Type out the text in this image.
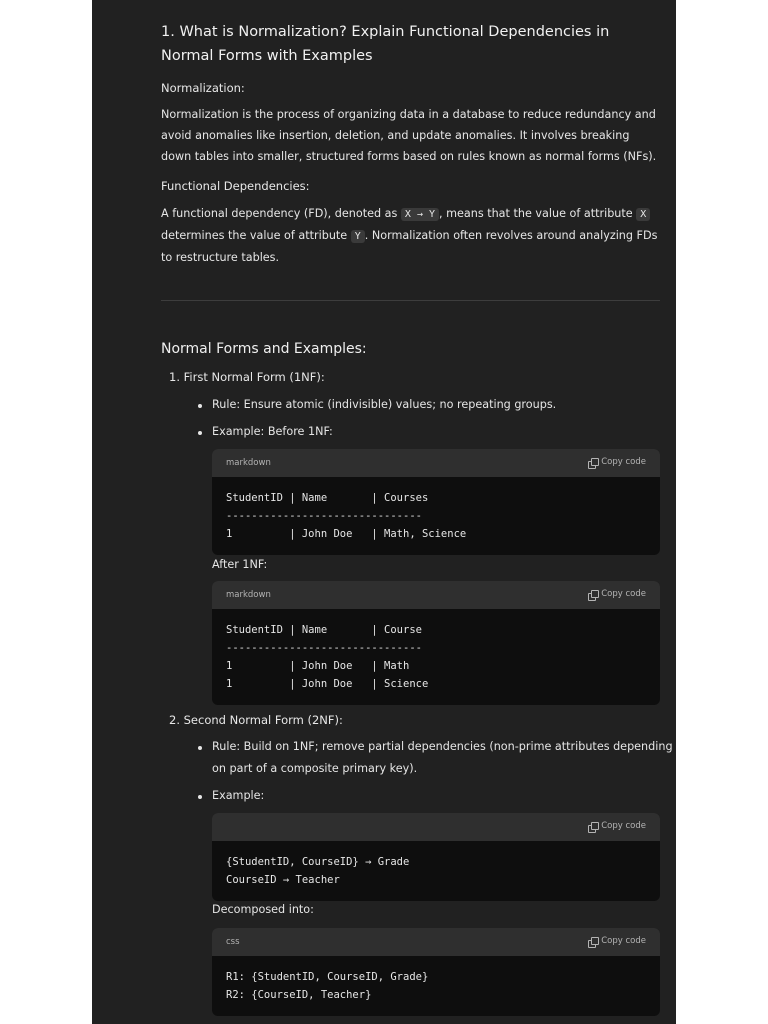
1. What is Normalization? Explain Functional Dependencies in Normal Forms with Examples
Normalization:
Normalization is the process of organizing data in a database to reduce redundancy and avoid anomalies like insertion, deletion, and update anomalies. It involves breaking down tables into smaller, structured forms based on rules known as normal forms (NFs).
Functional Dependencies:
A functional dependency (FD), denoted as X → Y , means that the value of attribute X
determines the value of attribute Y . Normalization often revolves around analyzing FDs to restructure tables.
Normal Forms and Examples:
1. First Normal Form (1NF):
Rule: Ensure atomic (indivisible) values; no repeating groups.
Example: Before 1NF:
markdown	Copy code
StudentID | Name       | Courses
-------------------------------
1         | John Doe   | Math, Science
After 1NF:
markdown	Copy code
StudentID | Name       | Course
-------------------------------
1         | John Doe   | Math
1         | John Doe   | Science
2. Second Normal Form (2NF):
Rule: Build on 1NF; remove partial dependencies (non-prime attributes depending
on part of a composite primary key).
Example:
Copy code
{StudentID, CourseID} → Grade
CourseID → Teacher
Decomposed into:
css	Copy code
R1: {StudentID, CourseID, Grade}
R2: {CourseID, Teacher}
